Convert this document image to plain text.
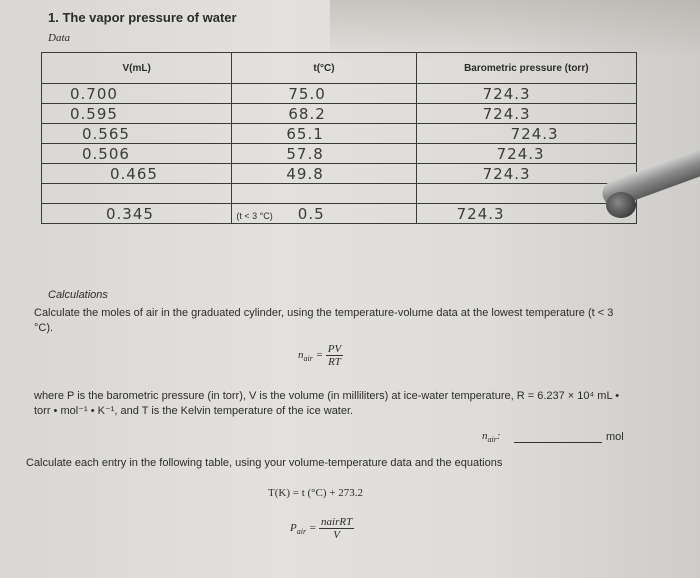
1. The vapor pressure of water
Data
V(mL)	t(°C)	Barometric pressure (torr)
0.700	75.0	724.3
0.595	68.2	724.3
0.565	65.1	724.3
0.506	57.8	724.3
0.465	49.8	724.3

0.345	(t < 3 °C) 0.5	724.3
Calculations
Calculate the moles of air in the graduated cylinder, using the temperature-volume data at the lowest temperature (t < 3 °C).
$n_{air} = \frac{PV}{RT}$
where P is the barometric pressure (in torr), V is the volume (in milliliters) at ice-water temperature, R = 6.237 × 10⁴ mL • torr • mol⁻¹ • K⁻¹, and T is the Kelvin temperature of the ice water.
$n_{air}$:	mol
Calculate each entry in the following table, using your volume-temperature data and the equations
T(K) = t (°C) + 273.2
$P_{air} = \frac{\text{nairRT}}{V}$
